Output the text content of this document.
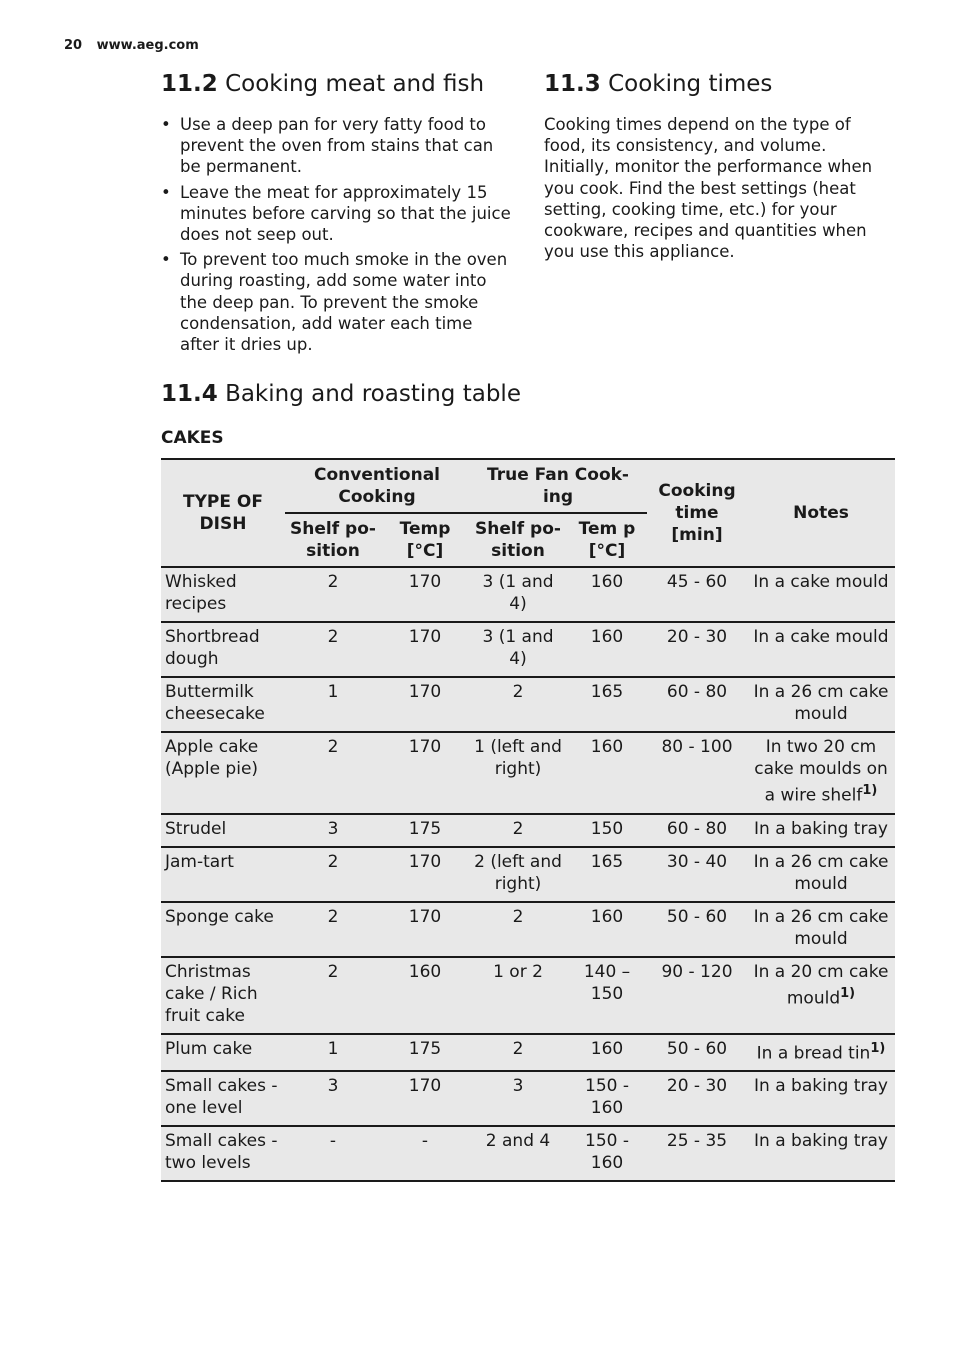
20 www.aeg.com
11.2 Cooking meat and fish
• Use a deep pan for very fatty food to prevent the oven from stains that can be permanent.
• Leave the meat for approximately 15 minutes before carving so that the juice does not seep out.
• To prevent too much smoke in the oven during roasting, add some water into the deep pan. To prevent the smoke condensation, add water each time after it dries up.
11.3 Cooking times

Cooking times depend on the type of food, its consistency, and volume. Initially, monitor the performance when you cook. Find the best settings (heat setting, cooking time, etc.) for your cookware, recipes and quantities when you use this appliance.

11.4 Baking and roasting table
CAKES
TYPE OF DISH	Conventional Cooking		True Fan Cook-ing		Cooking time [min]	Notes
	Shelf po-sition	Temp [°C]	Shelf po-sition	Tem p [°C]		
Whisked recipes	2	170	3 (1 and 4)	160	45 - 60	In a cake mould
Shortbread dough	2	170	3 (1 and 4)	160	20 - 30	In a cake mould
Buttermilk cheesecake	1	170	2	165	60 - 80	In a 26 cm cake mould
Apple cake (Apple pie)	2	170	1 (left and right)	160	80 - 100	In two 20 cm cake moulds on a wire shelf$^{1)}$
Strudel	3	175	2	150	60 - 80	In a baking tray
Jam-tart	2	170	2 (left and right)	165	30 - 40	In a 26 cm cake mould
Sponge cake	2	170	2	160	50 - 60	In a 26 cm cake mould
Christmas cake / Rich fruit cake	2	160	1 or 2	140 – 150	90 - 120	In a 20 cm cake mould$^{1)}$
Plum cake	1	175	2	160	50 - 60	In a bread tin$^{1)}$
Small cakes - one level	3	170	3	150 - 160	20 - 30	In a baking tray
Small cakes - two levels	-	-	2 and 4	150 - 160	25 - 35	In a baking tray
